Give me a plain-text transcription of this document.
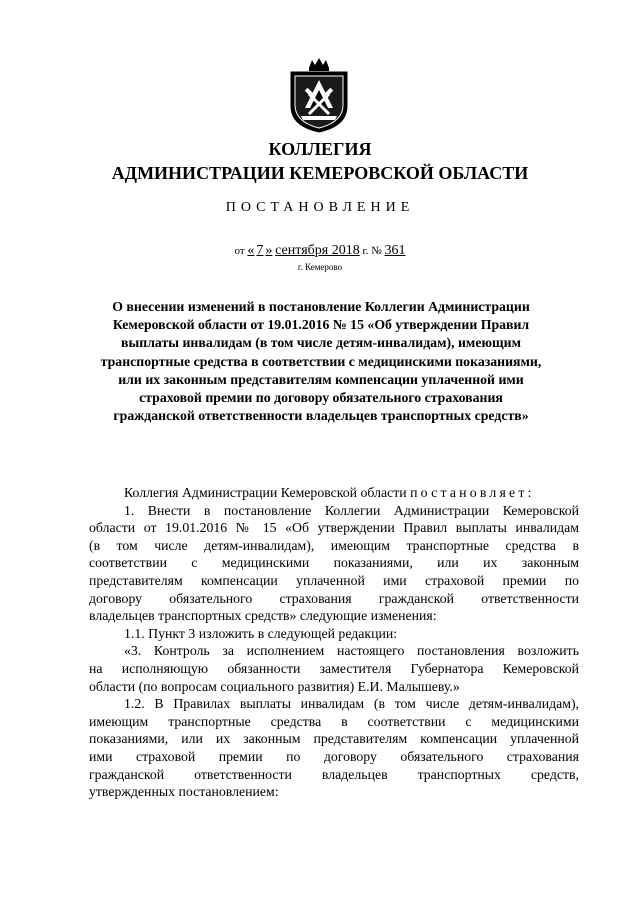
КОЛЛЕГИЯ
АДМИНИСТРАЦИИ КЕМЕРОВСКОЙ ОБЛАСТИ
ПОСТАНОВЛЕНИЕ
от « 7 » сентября 2018 г. № 361
г. Кемерово
О внесении изменений в постановление Коллегии Администрации
Кемеровской области от 19.01.2016 № 15 «Об утверждении Правил
выплаты инвалидам (в том числе детям-инвалидам), имеющим
транспортные средства в соответствии с медицинскими показаниями,
или их законным представителям компенсации уплаченной ими
страховой премии по договору обязательного страхования
гражданской ответственности владельцев транспортных средств»
Коллегия Администрации Кемеровской области постановляет:
1. Внести в постановление Коллегии Администрации Кемеровской
области от 19.01.2016 № 15 «Об утверждении Правил выплаты инвалидам
(в том числе детям-инвалидам), имеющим транспортные средства в
соответствии с медицинскими показаниями, или их законным
представителям компенсации уплаченной ими страховой премии по
договору обязательного страхования гражданской ответственности
владельцев транспортных средств» следующие изменения:
1.1. Пункт 3 изложить в следующей редакции:
«3. Контроль за исполнением настоящего постановления возложить
на исполняющую обязанности заместителя Губернатора Кемеровской
области (по вопросам социального развития) Е.И. Малышеву.»
1.2. В Правилах выплаты инвалидам (в том числе детям-инвалидам),
имеющим транспортные средства в соответствии с медицинскими
показаниями, или их законным представителям компенсации уплаченной
ими страховой премии по договору обязательного страхования
гражданской ответственности владельцев транспортных средств,
утвержденных постановлением:
